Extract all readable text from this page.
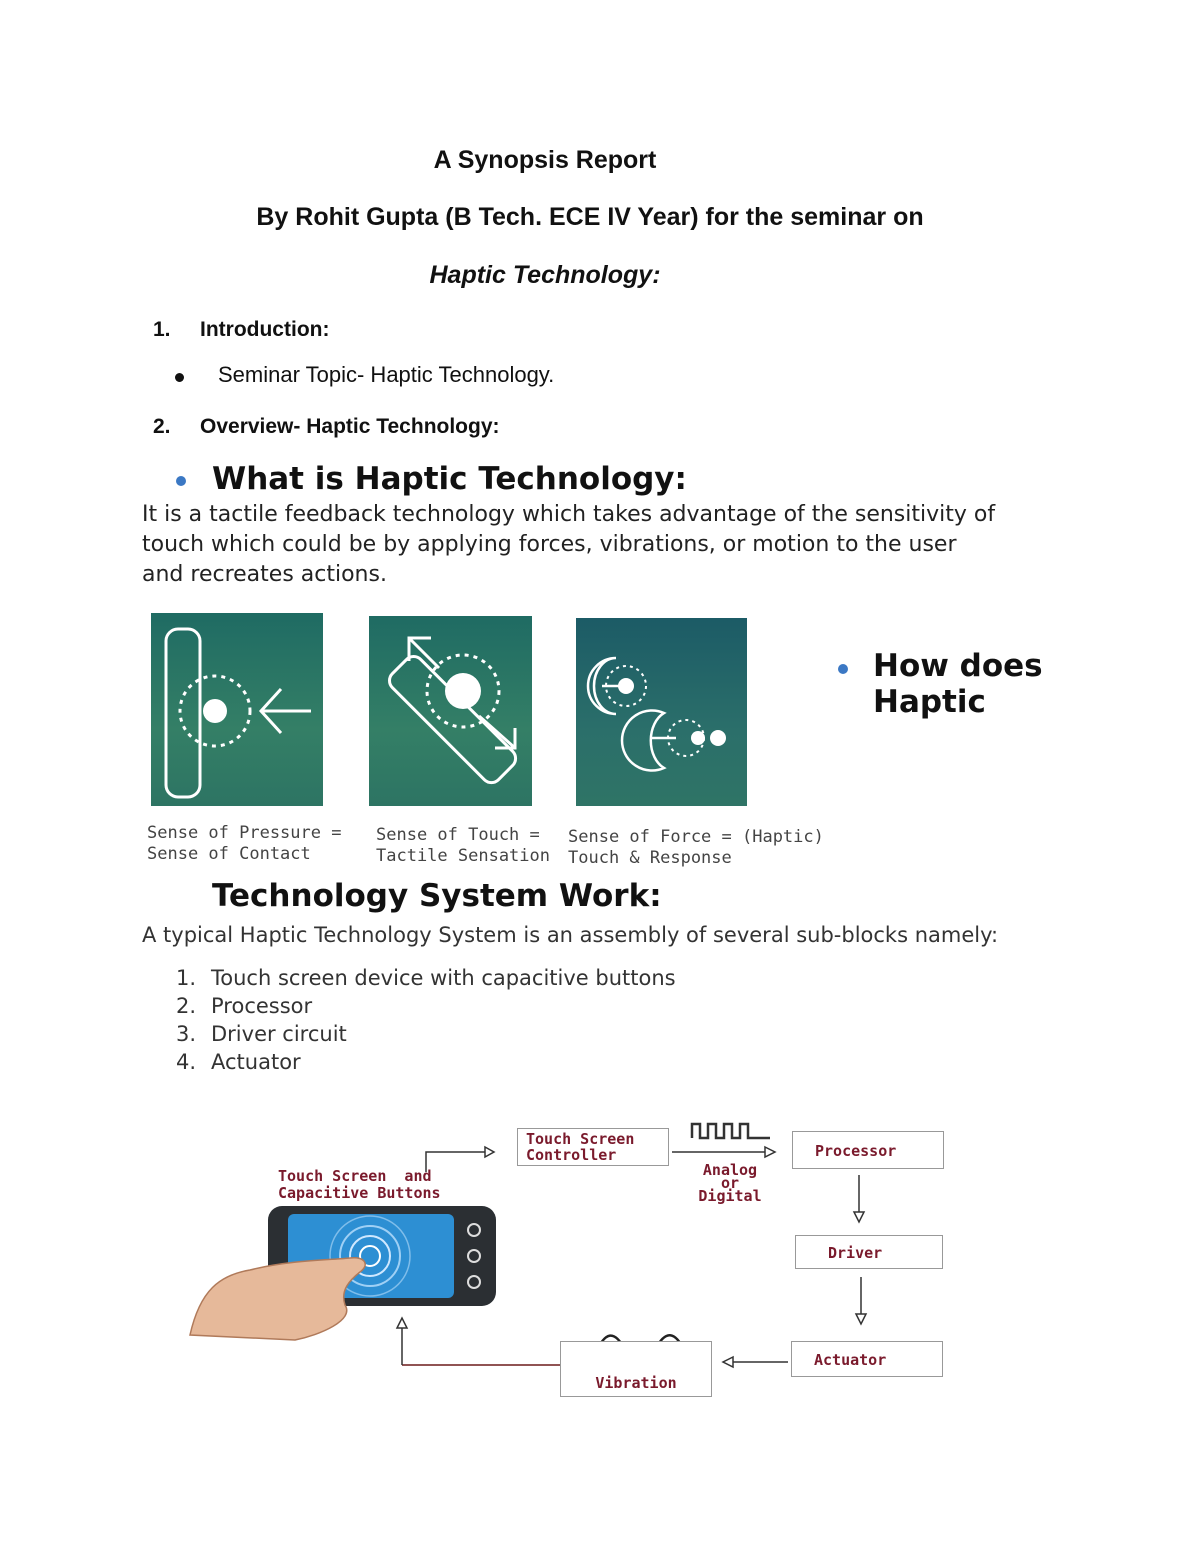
A Synopsis Report
By Rohit Gupta (B Tech. ECE IV Year) for the seminar on
Haptic Technology:
1. Introduction:
Seminar Topic- Haptic Technology.
2. Overview- Haptic Technology:
What is Haptic Technology:
It is a tactile feedback technology which takes advantage of the sensitivity of
touch which could be by applying forces, vibrations, or motion to the user
and recreates actions.
Sense of Pressure =
Sense of Contact
Sense of Touch =
Tactile Sensation
Sense of Force = (Haptic)
Touch & Response
How does
Haptic
Technology System Work:
A typical Haptic Technology System is an assembly of several sub-blocks namely:
1. Touch screen device with capacitive buttons
2. Processor
3. Driver circuit
4. Actuator
Touch Screen  and
Capacitive Buttons
Touch Screen
Controller
Analog
or
Digital
Processor
Driver
Actuator
Vibration
